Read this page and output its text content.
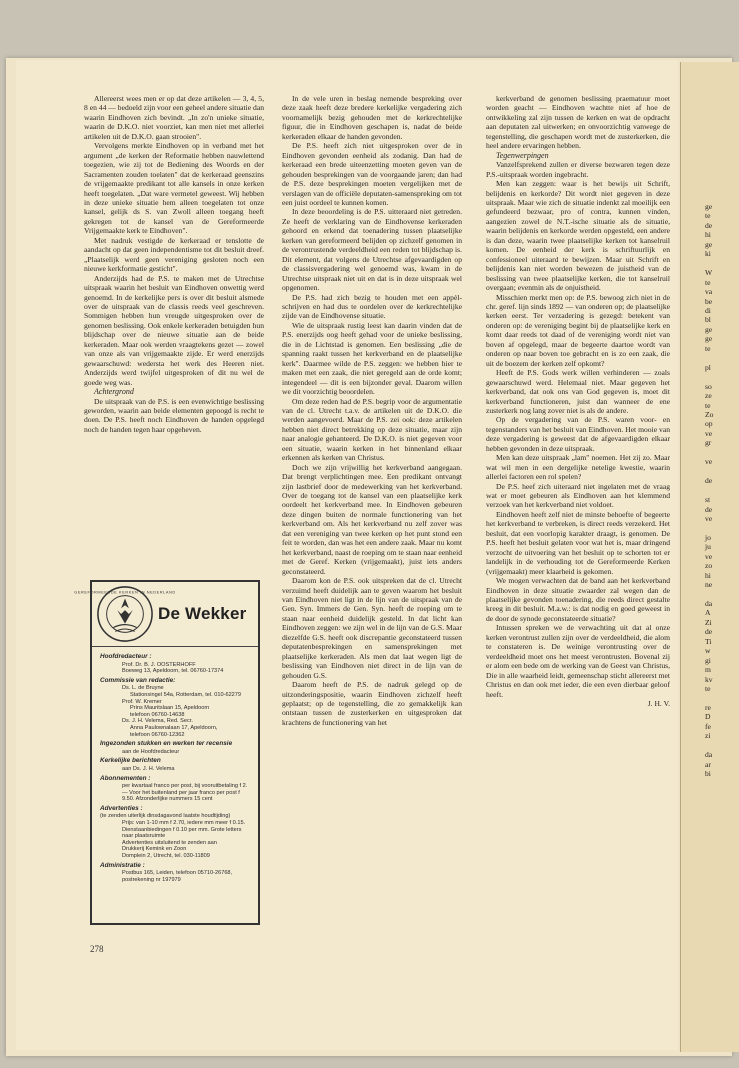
Allereerst wees men er op dat deze artikelen — 3, 4, 5, 8 en 44 — bedoeld zijn voor een geheel andere situatie dan waarin Eindhoven zich bevindt. „In zo'n unieke situatie, waarin de D.K.O. niet voorziet, kan men niet met allerlei artikelen uit de D.K.O. gaan strooien".

Vervolgens merkte Eindhoven op in verband met het argument „de kerken der Reformatie hebben nauwlettend toegezien, wie zij tot de Bediening des Woords en der Sacramenten zouden toelaten" dat de kerkeraad geenszins de vrijgemaakte predikant tot alle kansels in onze kerken heeft toegelaten. „Dat ware vermetel geweest. Wij hebben in deze unieke situatie hem alleen toegelaten tot onze kansel, gelijk ds S. van Zwoll alleen toegang heeft gekregen tot de kansel van de Gereformeerde Vrijgemaakte kerk te Eindhoven".

Met nadruk vestigde de kerkeraad er tenslotte de aandacht op dat geen independentisme tot dit besluit dreef. „Plaatselijk werd geen vereniging gesloten noch een nieuwe kerkformatie gesticht".

Anderzijds had de P.S. te maken met de Utrechtse uitspraak waarin het besluit van Eindhoven onwettig werd genoemd. In de kerkelijke pers is over dit besluit alsmede over de uitspraak van de classis reeds veel geschreven. Sommigen hebben hun vreugde uitgesproken over de genomen beslissing. Ook enkele kerkeraden betuigden hun blijdschap over de nieuwe situatie aan de beide kerkeraden. Maar ook werden vraagtekens gezet — zowel van onze als van vrijgemaakte zijde. Er werd enerzijds gewaarschuwd: wedersta het werk des Heeren niet. Anderzijds werd twijfel uitgesproken of dit nu wel de goede weg was.

Achtergrond

De uitspraak van de P.S. is een evenwichtige beslissing geworden, waarin aan beide elementen gepoogd is recht te doen. De P.S. heeft noch Eindhoven de handen opgelegd noch de handen tegen haar opgeheven.

In de vele uren in beslag nemende bespreking over deze zaak heeft deze bredere kerkelijke vergadering zich voornamelijk bezig gehouden met de kerkrechtelijke figuur, die in Eindhoven geschapen is, nadat de beide kerkeraden elkaar de handen gevonden.

De P.S. heeft zich niet uitgesproken over de in Eindhoven gevonden eenheid als zodanig. Dan had de kerkeraad een brede uiteenzetting moeten geven van de gehouden besprekingen van de voorgaande jaren; dan had de P.S. deze besprekingen moeten vergelijken met de verslagen van de officiële deputaten-samenspreking om tot een juist oordeel te kunnen komen.

In deze beoordeling is de P.S. uitteraard niet getreden. Ze heeft de verklaring van de Eindhovense kerkeraden gehoord en erkend dat toenadering tussen plaatselijke kerken van gereformeerd belijden op zichzelf genomen in de verontrustende verdeeldheid een reden tot blijdschap is. Dit element, dat volgens de Utrechtse afgevaardigden op de classisvergadering wel genoemd was, kwam in de Utrechtse uitspraak niet uit en dat is in deze uitspraak wel opgenomen.

De P.S. had zich bezig te houden met een appèl-schrijven en had dus te oordelen over de kerkrechtelijke zijde van de Eindhovense situatie.

Wie de uitspraak rustig leest kan daarin vinden dat de P.S. enerzijds oog heeft gehad voor de unieke beslissing, die in de Lichtstad is genomen. Een beslissing „die de spanning raakt tussen het kerkverband en de plaatselijke kerk". Daarmee wilde de P.S. zeggen: we hebben hier te maken met een zaak, die niet geregeld aan de orde komt; integendeel — dit is een bijzonder geval. Daarom willen we dit voorzichtig beoordelen.

Om deze reden had de P.S. begrip voor de argumentatie van de cl. Utrecht t.a.v. de artikelen uit de D.K.O. die werden aangevoerd. Maar de P.S. zei ook: deze artikelen hebben niet direct betrekking op deze situatie, maar zijn naar analogie gehanteerd. De D.K.O. is niet gegeven voor een situatie, waarin kerken in het binnenland elkaar erkennen als kerken van Christus.

Doch we zijn vrijwillig het kerkverband aangegaan. Dat brengt verplichtingen mee. Een predikant ontvangt zijn lastbrief door de medewerking van het kerkverband. Over de toegang tot de kansel van een plaatselijke kerk oordeelt het kerkverband mee. In Eindhoven gebeuren deze dingen buiten de normale functionering van het kerkverband om. Als het kerkverband nu zelf zover was dat een vereniging van twee kerken op het punt stond een feit te worden, dan was het een andere zaak. Maar nu komt het kerkverband, naast de roeping om te staan naar eenheid met de Geref. Kerken (vrijgemaakt), juist iets anders geconstateerd.

Daarom kon de P.S. ook uitspreken dat de cl. Utrecht verzuimd heeft duidelijk aan te geven waarom het besluit van Eindhoven niet ligt in de lijn van de uitspraak van de Gen. Syn. Immers de Gen. Syn. heeft de roeping om te staan naar eenheid duidelijk gesteld. In dat licht kan Eindhoven zeggen: we zijn wel in de lijn van de G.S. Maar diezelfde G.S. heeft ook discrepantie geconstateerd tussen deputatenbesprekingen en samensprekingen met plaatselijke kerkeraden. Als men dat laat wegen ligt de beslissing van Eindhoven niet direct in de lijn van de gehouden G.S.

Daarom heeft de P.S. de nadruk gelegd op de uitzonderingspositie, waarin Eindhoven zichzelf heeft geplaatst; op de tegenstelling, die zo gemakkelijk kan ontstaan tussen de zusterkerken en uitgesproken dat krachtens de functionering van het

kerkverband de genomen beslissing praematuur moet worden geacht — Eindhoven wachtte niet af hoe de ontwikkeling zal zijn tussen de kerken en wat de opdracht aan deputaten zal uitwerken; en onvoorzichtig vanwege de tegenstelling, die geschapen wordt met de zusterkerken, die heel andere ervaringen hebben.

Tegenwerpingen

Vanzelfsprekend zullen er diverse bezwaren tegen deze P.S.-uitspraak worden ingebracht.

Men kan zeggen: waar is het bewijs uit Schrift, belijdenis en kerkorde? Dit wordt niet gegeven in deze uitspraak. Maar wie zich de situatie indenkt zal moeilijk een gefundeerd bezwaar, pro of contra, kunnen vinden, aangezien zowel de N.T.-ische situatie als de situatie, waarin belijdenis en kerkorde werden opgesteld, een andere is dan deze, waarin twee plaatselijke kerken tot kanselruil komen. De eenheid der kerk is schriftuurlijk en confessioneel uiteraard te bewijzen. Maar uit Schrift en belijdenis kan niet worden bewezen de juistheid van de beslissing van twee plaatselijke kerken, die tot kanselruil overgaan; evenmin als de onjuistheid.

Misschien merkt men op: de P.S. bewoog zich niet in de chr. geref. lijn sinds 1892 — van onderen op; de plaatselijke kerken eerst. Ter verzadering is gezegd: betekent van onderen op: de vereniging begint bij de plaatselijke kerk en komt daar reeds tot daad of de vereniging wordt niet van boven af opgelegd, maar de begeerte daartoe wordt van onderen op naar boven toe gebracht en is zo een zaak, die uit de boezem der kerken zelf opkomt?

Heeft de P.S. Gods werk willen verhinderen — zoals gewaarschuwd werd. Helemaal niet. Maar gegeven het kerkverband, dat ook ons van God gegeven is, moet dit kerkverband functioneren, juist dan wanneer de ene zusterkerk nog lang zover niet is als de andere.

Op de vergadering van de P.S. waren voor- en tegenstanders van het besluit van Eindhoven. Het mooie van deze vergadering is geweest dat de afgevaardigden elkaar hebben gevonden in deze uitspraak.

Men kan deze uitspraak „lam" noemen. Het zij zo. Maar wat wil men in een dergelijke netelige kwestie, waarin allerlei factoren een rol spelen?

De P.S. heef zich uiteraard niet ingelaten met de vraag wat er moet gebeuren als Eindhoven aan het klemmend verzoek van het kerkverband niet voldoet.

Eindhoven heeft zelf niet de minste behoefte of begeerte het kerkverband te verbreken, is direct reeds verzekerd. Het besluit, dat een voorlopig karakter draagt, is genomen. De P.S. heeft het besluit gelaten voor wat het is, maar dringend verzocht de uitvoering van het besluit op te schorten tot er landelijk in de verhouding tot de Gereformeerde Kerken (vrijgemaakt) meer klaarheid is gekomen.

We mogen verwachten dat de band aan het kerkverband Eindhoven in deze situatie zwaarder zal wegen dan de plaatselijke gevonden toenadering, die reeds direct gestalte kreeg in dit besluit. M.a.w.: is dat nodig en goed geweest in de door de synode geconstateerde situatie?

Intussen spreken we de verwachting uit dat al onze kerken verontrust zullen zijn over de verdeeldheid, die alom te constateren is. De weinige verontrusting over de verdeeldheid moet ons het meest verontrusten. Bovenal zij er alom een bede om de werking van de Geest van Christus, Die in alle waarheid leidt, gemeenschap sticht allereerst met Christus en dan ook met ieder, die een even dierbaar geloof heeft.

J. H. V.

GEREFORMEERDE KERKEN IN NEDERLAND
De Wekker
Hoofdredacteur :
Prof. Dr. B. J. OOSTERHOFF
Boeweg 13, Apeldoorn, tel. 06760-17374
Commissie van redactie:
Ds. L. de Bruyne
Stationsingel 54a, Rotterdam, tel. 010-62279
Prof. W. Kremer
Prins Mauritslaan 15, Apeldoorn
telefoon 06760-14638
Ds. J. H. Velema, Red. Secr.
Anna Paulownalaan 17, Apeldoorn,
telefoon 06760-12362
Ingezonden stukken en werken ter recensie
aan de Hoofdredacteur
Kerkelijke berichten
aan Ds. J. H. Velema
Abonnementen :
per kwartaal franco per post, bij vooruitbetaling f 2.— Voor het buitenland per jaar franco per post f 9.50. Afzonderlijke nummers 15 cent
Advertenties :
(te zenden uiterlijk dinsdagavond laatste houdtijding)
Prijs: van 1-10 mm f 2.70, iedere mm meer f 0.15. Dienstaanbiedingen f 0.10 per mm. Grote letters naar plaatsruimte
Advertenties uitsluitend te zenden aan
Drukkerij Kemink en Zoon
Domplein 2, Utrecht, tel. 030-11809
Administratie :
Postbus 165, Leiden, telefoon 05710-26768, postrekening nr 197979
278
ge
te
de
hi
ge
ki

W
te
va
be
di
bl
ge
ge
te

pl

so
ze
te
Zo
op
ve
gr

ve

de

st
de
ve

jo
ju
ve
zo
hi
ne

da
A
Zi
de
Ti
w
gi
m
kv
te

re
D
fe
zi

da
ar
bi
